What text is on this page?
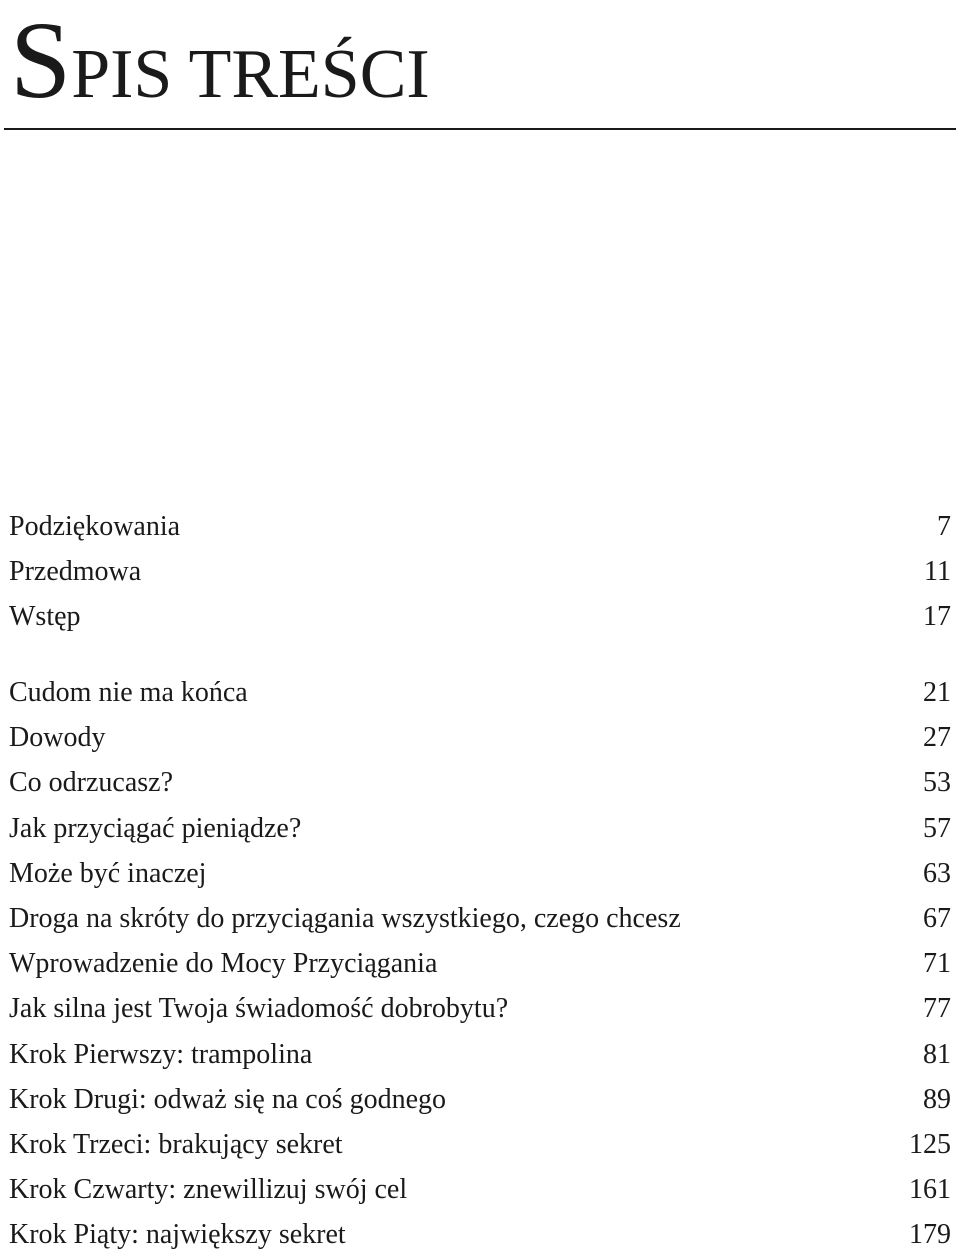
SPIS TREŚCI
Podziękowania	7
Przedmowa	11
Wstęp	17
Cudom nie ma końca	21
Dowody	27
Co odrzucasz?	53
Jak przyciągać pieniądze?	57
Może być inaczej	63
Droga na skróty do przyciągania wszystkiego, czego chcesz	67
Wprowadzenie do Mocy Przyciągania	71
Jak silna jest Twoja świadomość dobrobytu?	77
Krok Pierwszy: trampolina	81
Krok Drugi: odważ się na coś godnego	89
Krok Trzeci: brakujący sekret	125
Krok Czwarty: znewillizuj swój cel	161
Krok Piąty: największy sekret	179
